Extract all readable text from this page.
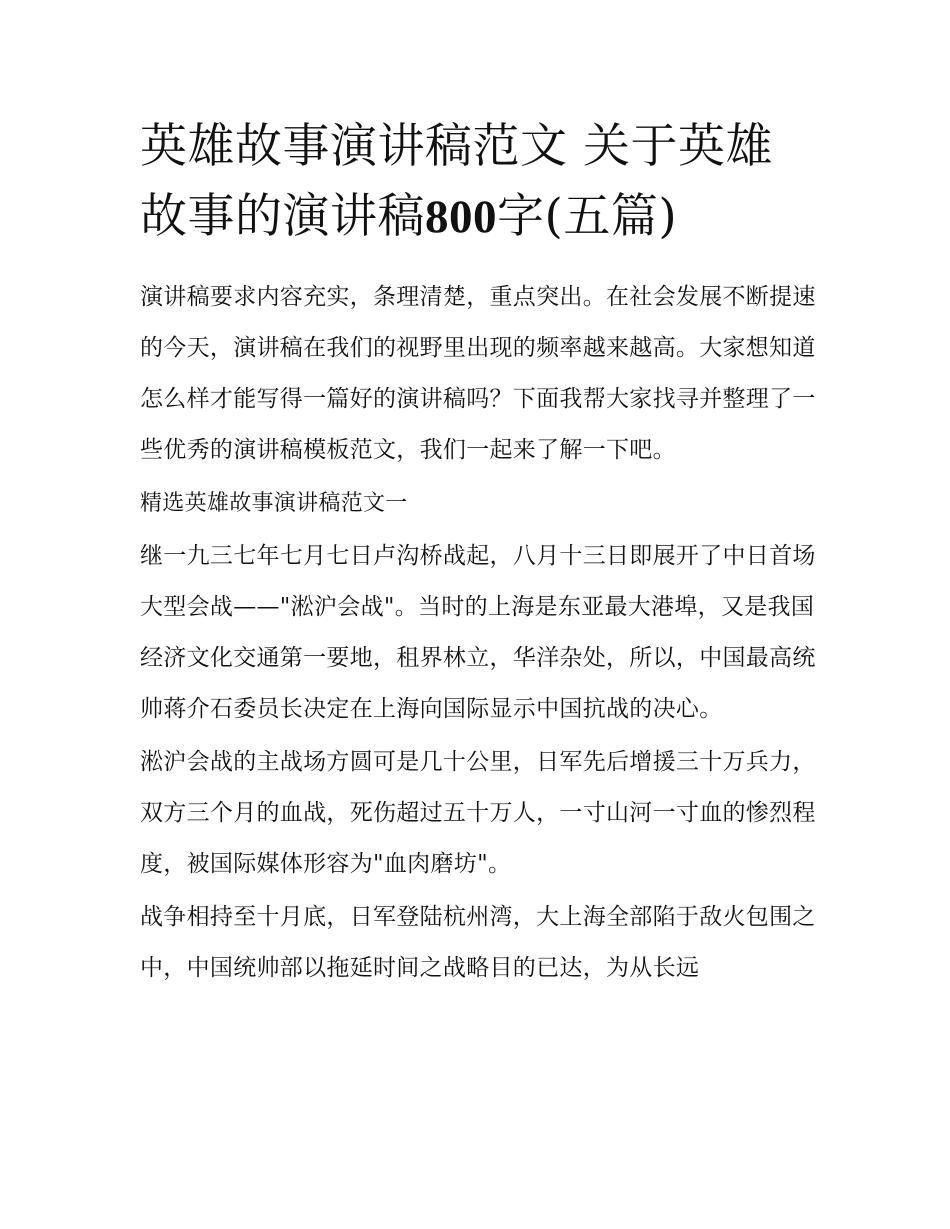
英雄故事演讲稿范文 关于英雄故事的演讲稿800字(五篇)

演讲稿要求内容充实，条理清楚，重点突出。在社会发展不断提速的今天，演讲稿在我们的视野里出现的频率越来越高。大家想知道怎么样才能写得一篇好的演讲稿吗？下面我帮大家找寻并整理了一些优秀的演讲稿模板范文，我们一起来了解一下吧。

精选英雄故事演讲稿范文一

继一九三七年七月七日卢沟桥战起，八月十三日即展开了中日首场大型会战——"淞沪会战"。当时的上海是东亚最大港埠，又是我国经济文化交通第一要地，租界林立，华洋杂处，所以，中国最高统帅蒋介石委员长决定在上海向国际显示中国抗战的决心。

淞沪会战的主战场方圆可是几十公里，日军先后增援三十万兵力，双方三个月的血战，死伤超过五十万人，一寸山河一寸血的惨烈程度，被国际媒体形容为"血肉磨坊"。

战争相持至十月底，日军登陆杭州湾，大上海全部陷于敌火包围之中，中国统帅部以拖延时间之战略目的已达，为从长远
